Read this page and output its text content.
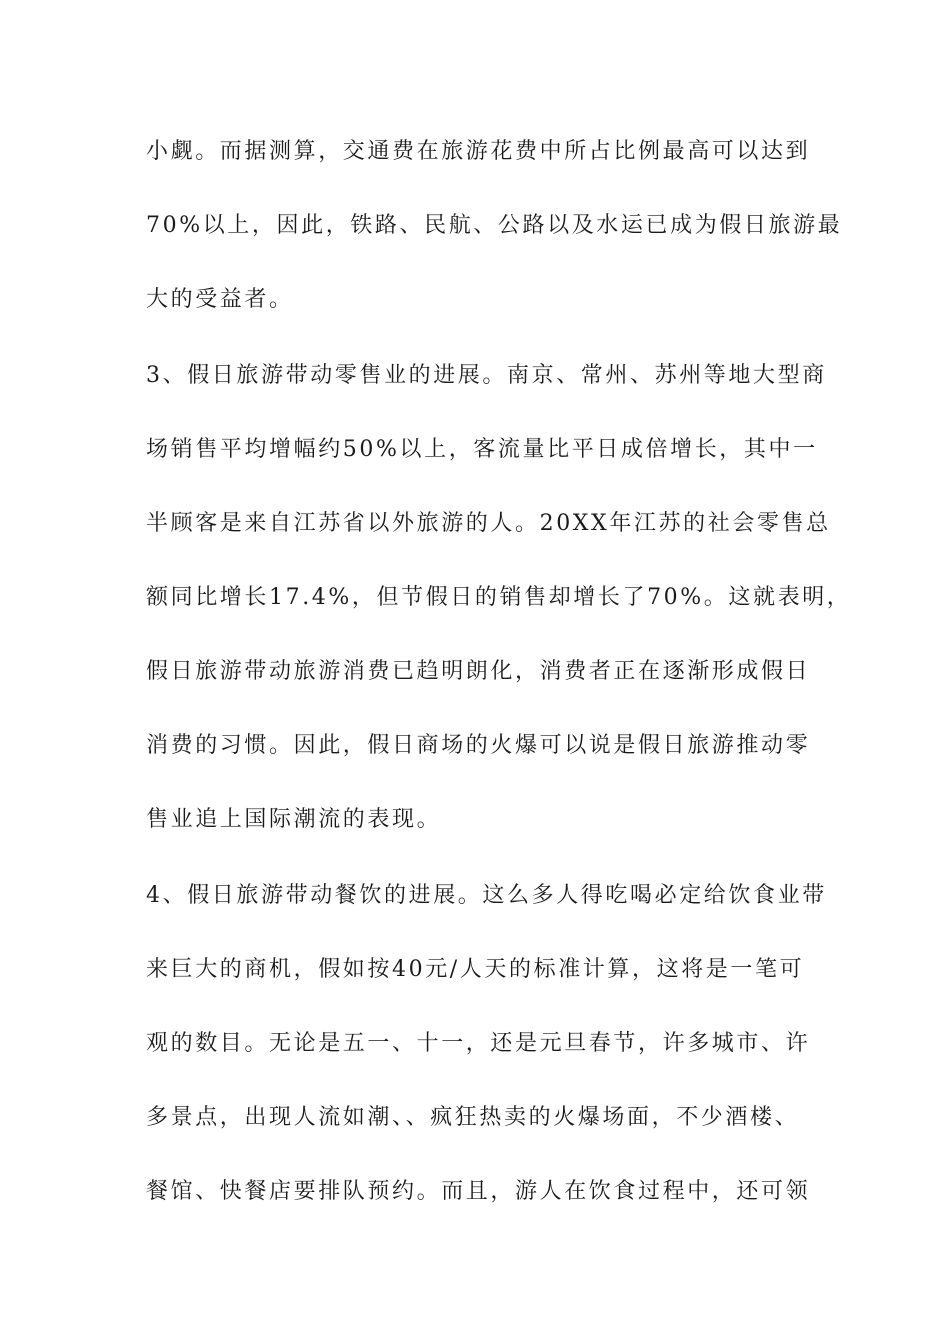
小觑。而据测算，交通费在旅游花费中所占比例最高可以达到
70%以上，因此，铁路、民航、公路以及水运已成为假日旅游最
大的受益者。
3、假日旅游带动零售业的进展。南京、常州、苏州等地大型商
场销售平均增幅约50%以上，客流量比平日成倍增长，其中一
半顾客是来自江苏省以外旅游的人。20XX年江苏的社会零售总
额同比增长17.4%，但节假日的销售却增长了70%。这就表明，
假日旅游带动旅游消费已趋明朗化，消费者正在逐渐形成假日
消费的习惯。因此，假日商场的火爆可以说是假日旅游推动零
售业追上国际潮流的表现。
4、假日旅游带动餐饮的进展。这么多人得吃喝必定给饮食业带
来巨大的商机，假如按40元/人天的标准计算，这将是一笔可
观的数目。无论是五一、十一，还是元旦春节，许多城市、许
多景点，出现人流如潮、、疯狂热卖的火爆场面，不少酒楼、
餐馆、快餐店要排队预约。而且，游人在饮食过程中，还可领
